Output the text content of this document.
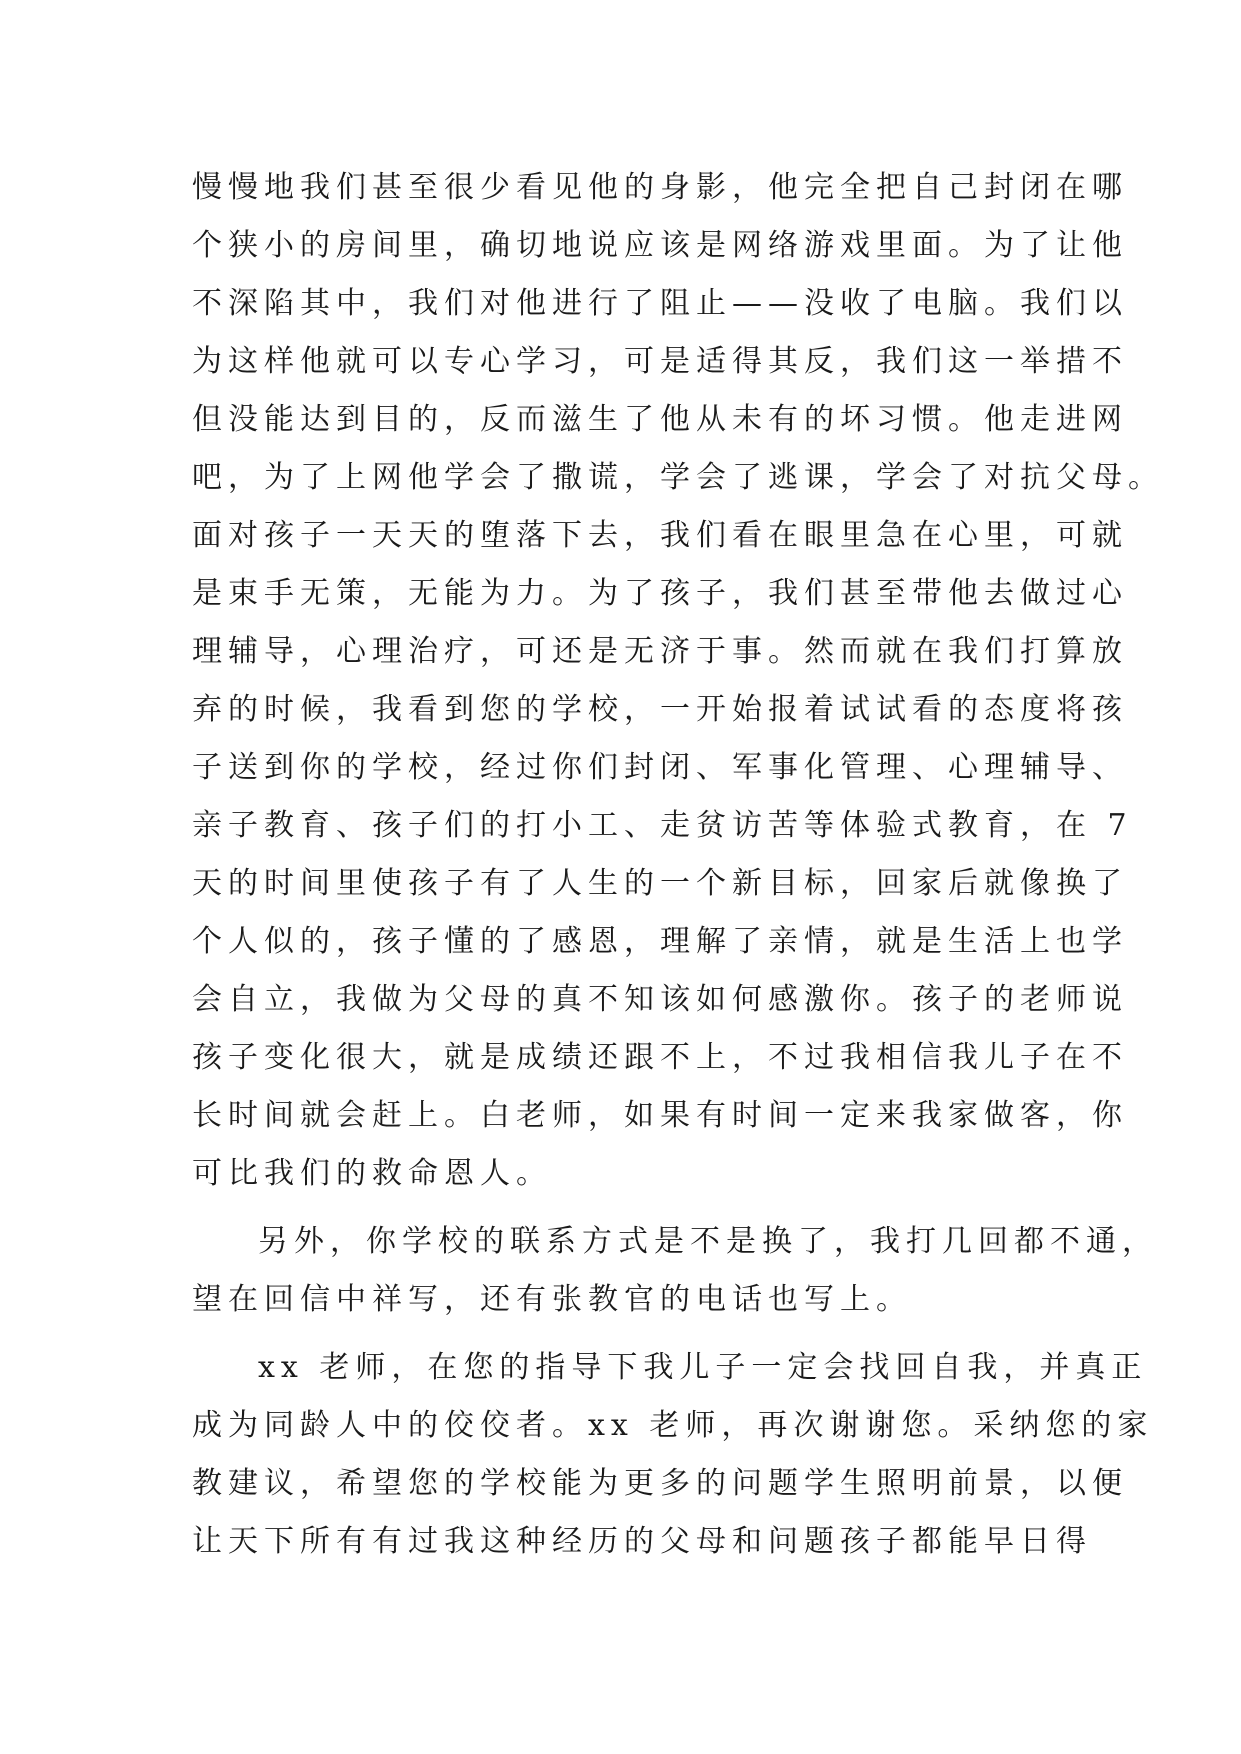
慢慢地我们甚至很少看见他的身影，他完全把自己封闭在哪
个狭小的房间里，确切地说应该是网络游戏里面。为了让他
不深陷其中，我们对他进行了阻止——没收了电脑。我们以
为这样他就可以专心学习，可是适得其反，我们这一举措不
但没能达到目的，反而滋生了他从未有的坏习惯。他走进网
吧，为了上网他学会了撒谎，学会了逃课，学会了对抗父母。
面对孩子一天天的堕落下去，我们看在眼里急在心里，可就
是束手无策，无能为力。为了孩子，我们甚至带他去做过心
理辅导，心理治疗，可还是无济于事。然而就在我们打算放
弃的时候，我看到您的学校，一开始报着试试看的态度将孩
子送到你的学校，经过你们封闭、军事化管理、心理辅导、
亲子教育、孩子们的打小工、走贫访苦等体验式教育，在 7
天的时间里使孩子有了人生的一个新目标，回家后就像换了
个人似的，孩子懂的了感恩，理解了亲情，就是生活上也学
会自立，我做为父母的真不知该如何感激你。孩子的老师说
孩子变化很大，就是成绩还跟不上，不过我相信我儿子在不
长时间就会赶上。白老师，如果有时间一定来我家做客，你
可比我们的救命恩人。
另外，你学校的联系方式是不是换了，我打几回都不通，
望在回信中祥写，还有张教官的电话也写上。
xx 老师，在您的指导下我儿子一定会找回自我，并真正
成为同龄人中的佼佼者。xx 老师，再次谢谢您。采纳您的家
教建议，希望您的学校能为更多的问题学生照明前景，以便
让天下所有有过我这种经历的父母和问题孩子都能早日得
